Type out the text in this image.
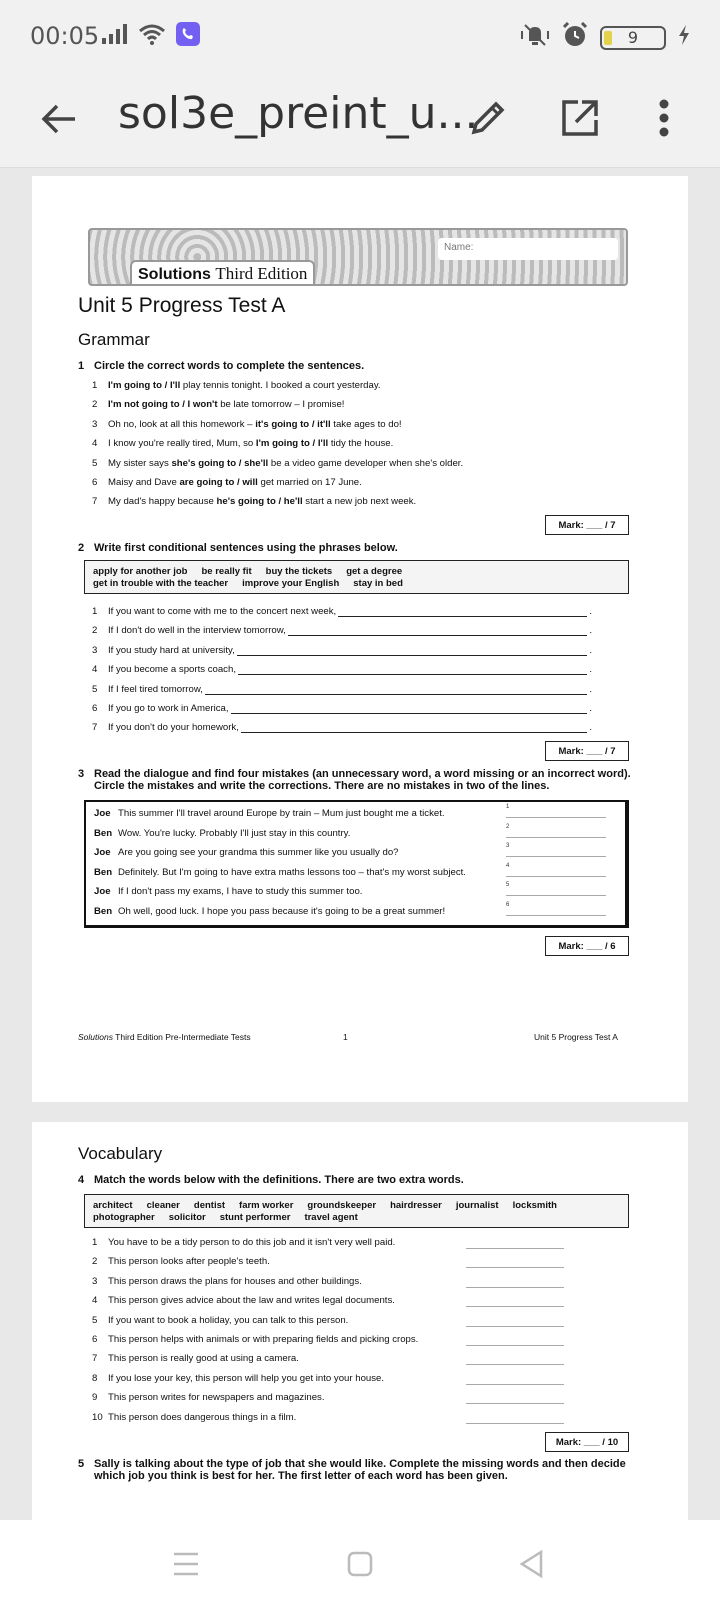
00:05	9
sol3e_preint_u...
Name:
Solutions Third Edition
Unit 5 Progress Test A
Grammar
1 Circle the correct words to complete the sentences.
1 I'm going to / I'll play tennis tonight. I booked a court yesterday.
2 I'm not going to / I won't be late tomorrow – I promise!
3 Oh no, look at all this homework – it's going to / it'll take ages to do!
4 I know you're really tired, Mum, so I'm going to / I'll tidy the house.
5 My sister says she's going to / she'll be a video game developer when she's older.
6 Maisy and Dave are going to / will get married on 17 June.
7 My dad's happy because he's going to / he'll start a new job next week.
Mark: ___ / 7
2 Write first conditional sentences using the phrases below.
apply for another job be really fit buy the tickets get a degree
get in trouble with the teacher improve your English stay in bed
1	If you want to come with me to the concert next week,	.
2	If I don't do well in the interview tomorrow,	.
3	If you study hard at university,	.
4	If you become a sports coach,	.
5	If I feel tired tomorrow,	.
6	If you go to work in America,	.
7	If you don't do your homework,	.
Mark: ___ / 7
3 Read the dialogue and find four mistakes (an unnecessary word, a word missing or an incorrect word).
Circle the mistakes and write the corrections. There are no mistakes in two of the lines.
Joe This summer I'll travel around Europe by train – Mum just bought me a ticket.
1
Ben Wow. You're lucky. Probably I'll just stay in this country.
2
Joe Are you going see your grandma this summer like you usually do?
3
Ben Definitely. But I'm going to have extra maths lessons too – that's my worst subject.
4
Joe If I don't pass my exams, I have to study this summer too.
5
Ben Oh well, good luck. I hope you pass because it's going to be a great summer!
6
Mark: ___ / 6
Solutions Third Edition Pre-Intermediate Tests	1	Unit 5 Progress Test A
Vocabulary
4 Match the words below with the definitions. There are two extra words.
architect cleaner dentist farm worker groundskeeper hairdresser journalist locksmith
photographer solicitor stunt performer travel agent
1 You have to be a tidy person to do this job and it isn't very well paid.
2 This person looks after people's teeth.
3 This person draws the plans for houses and other buildings.
4 This person gives advice about the law and writes legal documents.
5 If you want to book a holiday, you can talk to this person.
6 This person helps with animals or with preparing fields and picking crops.
7 This person is really good at using a camera.
8 If you lose your key, this person will help you get into your house.
9 This person writes for newspapers and magazines.
10 This person does dangerous things in a film.
Mark: ___ / 10
5 Sally is talking about the type of job that she would like. Complete the missing words and then decide
which job you think is best for her. The first letter of each word has been given.
